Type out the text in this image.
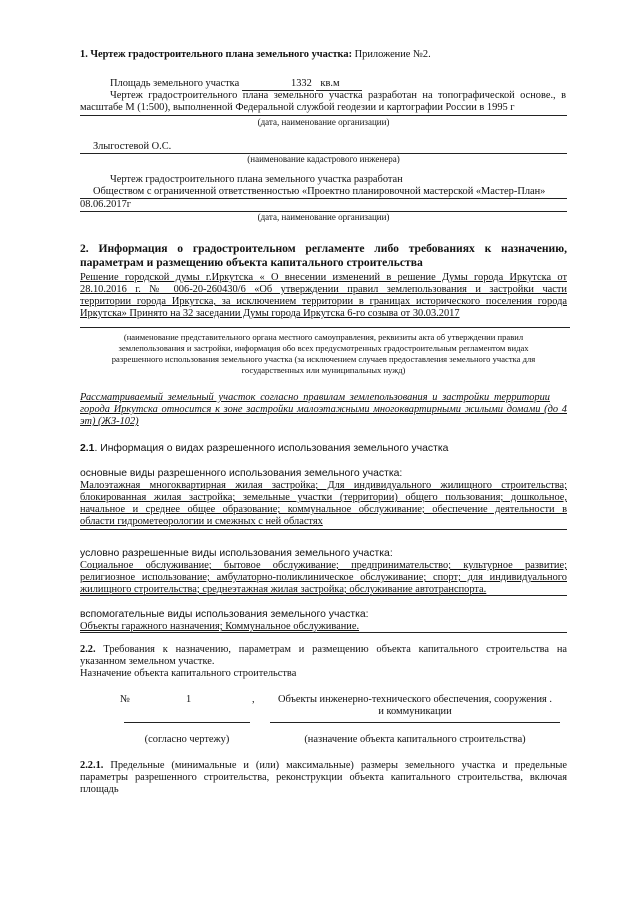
1. Чертеж градостроительного плана земельного участка: Приложение №2.
Площадь земельного участка	1332 кв.м
Чертеж градостроительного плана земельного участка разработан на топографической основе., в
масштабе М (1:500), выполненной Федеральной службой геодезии и картографии России в 1995 г
(дата, наименование организации)
Злыгостевой О.С.
(наименование кадастрового инженера)
Чертеж градостроительного плана земельного участка разработан
Обществом с ограниченной ответственностью «Проектно планировочной мастерской «Мастер-План»
08.06.2017г
(дата, наименование организации)
2. Информация о градостроительном регламенте либо требованиях к назначению,
параметрам и размещению объекта капитального строительства
Решение городской думы г.Иркутска « О внесении изменений в решение Думы города Иркутска от
28.10.2016 г. № 006-20-260430/6 «Об утверждении правил землепользования и застройки части
территории города Иркутска, за исключением территории в границах исторического поселения города
Иркутска» Принято на 32 заседании Думы города Иркутска 6-го созыва от 30.03.2017
(наименование представительного органа местного самоуправления, реквизиты акта об утверждении правил
землепользования и застройки, информация обо всех предусмотренных градостроительным регламентом видах
разрешенного использования земельного участка (за исключением случаев предоставления земельного участка для
государственных или муниципальных нужд)
Рассматриваемый земельный участок согласно правилам землепользования и застройки территории
города Иркутска относится к зоне застройки малоэтажными многоквартирными жилыми домами (до 4
эт) (ЖЗ-102)
2.1. Информация о видах разрешенного использования земельного участка
основные виды разрешенного использования земельного участка:
Малоэтажная многоквартирная жилая застройка; Для индивидуального жилищного строительства;
блокированная жилая застройка; земельные участки (территории) общего пользования; дошкольное,
начальное и среднее общее образование; коммунальное обслуживание; обеспечение деятельности в
области гидрометеорологии и смежных с ней областях
условно разрешенные виды использования земельного участка:
Социальное обслуживание; бытовое обслуживание; предпринимательство; культурное развитие;
религиозное использование; амбулаторно-поликлиническое обслуживание; спорт; для индивидуального
жилищного строительства; среднеэтажная жилая застройка; обслуживание автотранспорта.
вспомогательные виды использования земельного участка:
Объекты гаражного назначения; Коммунальное обслуживание.
2.2. Требования к назначению, параметрам и размещению объекта капитального строительства на
указанном земельном участке.
Назначение объекта капитального строительства
№	1	,	Объекты инженерно-технического обеспечения, сооружения .
и коммуникации
(согласно чертежу)	(назначение объекта капитального строительства)
2.2.1. Предельные (минимальные и (или) максимальные) размеры земельного участка и предельные
параметры разрешенного строительства, реконструкции объекта капитального строительства, включая
площадь
